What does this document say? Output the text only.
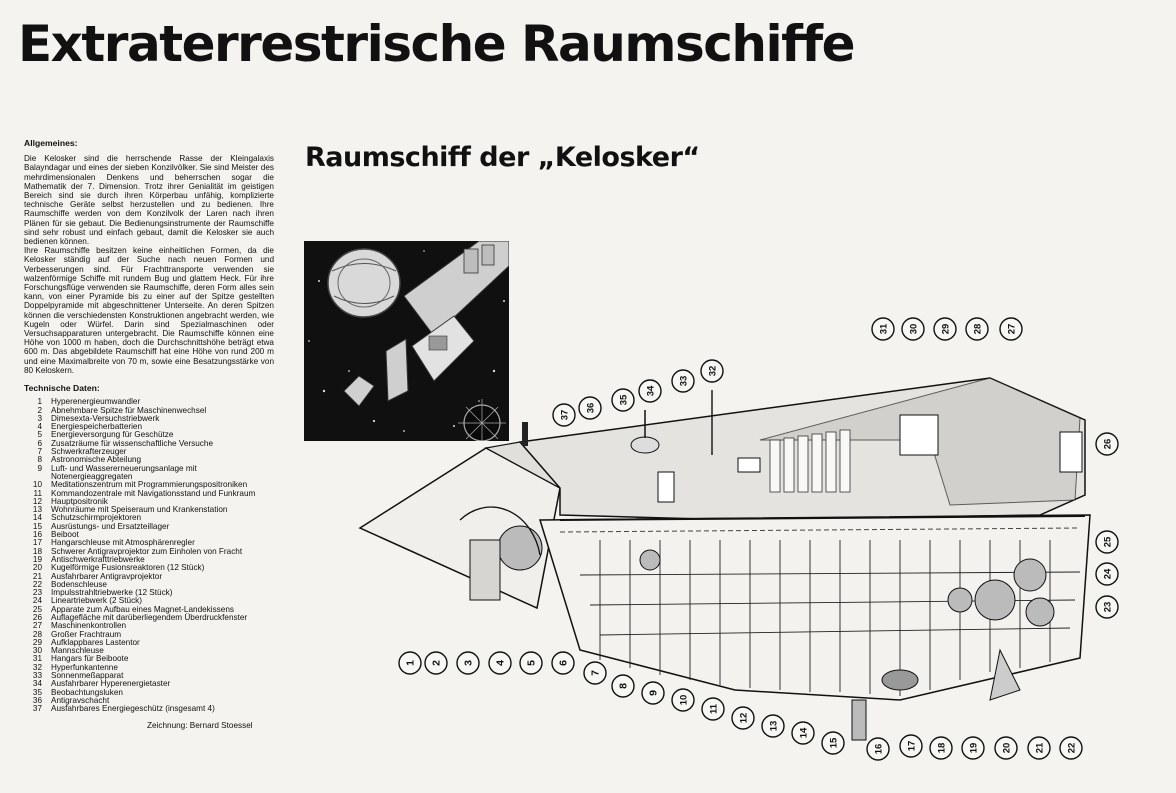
Extraterrestrische Raumschiffe
Allgemeines:

Die Kelosker sind die herrschende Rasse der Kleingalaxis Balayndagar und eines der sieben Konzilvölker. Sie sind Meister des mehrdimensionalen Denkens und beherrschen sogar die Mathematik der 7. Dimension. Trotz ihrer Genialität im geistigen Bereich sind sie durch ihren Körperbau unfähig, komplizierte technische Geräte selbst herzustellen und zu bedienen. Ihre Raumschiffe werden von dem Konzilvolk der Laren nach ihren Plänen für sie gebaut. Die Bedienungsinstrumente der Raumschiffe sind sehr robust und einfach gebaut, damit die Kelosker sie auch bedienen können.

Ihre Raumschiffe besitzen keine einheitlichen Formen, da die Kelosker ständig auf der Suche nach neuen Formen und Verbesserungen sind. Für Frachttransporte verwenden sie walzenförmige Schiffe mit rundem Bug und glattem Heck. Für ihre Forschungsflüge verwenden sie Raumschiffe, deren Form alles sein kann, von einer Pyramide bis zu einer auf der Spitze gestellten Doppelpyramide mit abgeschnittener Unterseite. An deren Spitzen können die verschiedensten Konstruktionen angebracht werden, wie Kugeln oder Würfel. Darin sind Spezialmaschinen oder Versuchsapparaturen untergebracht. Die Raumschiffe können eine Höhe von 1000 m haben, doch die Durchschnittshöhe beträgt etwa 600 m. Das abgebildete Raumschiff hat eine Höhe von rund 200 m und eine Maximalbreite von 70 m, sowie eine Besatzungsstärke von 80 Keloskern.

Technische Daten:
1	Hyperenergieumwandler
2	Abnehmbare Spitze für Maschinenwechsel
3	Dimesexta-Versuchstriebwerk
4	Energiespeicherbatterien
5	Energieversorgung für Geschütze
6	Zusatzräume für wissenschaftliche Versuche
7	Schwerkrafterzeuger
8	Astronomische Abteilung
9	Luft- und Wassererneuerungsanlage mit Notenergieaggregaten
10	Meditationszentrum mit Programmierungspositroniken
11	Kommandozentrale mit Navigationsstand und Funkraum
12	Hauptpositronik
13	Wohnräume mit Speiseraum und Krankenstation
14	Schutzschirmprojektoren
15	Ausrüstungs- und Ersatzteillager
16	Beiboot
17	Hangarschleuse mit Atmosphärenregler
18	Schwerer Antigravprojektor zum Einholen von Fracht
19	Antischwerkrafttriebwerke
20	Kugelförmige Fusionsreaktoren (12 Stück)
21	Ausfahrbarer Antigravprojektor
22	Bodenschleuse
23	Impulsstrahltriebwerke (12 Stück)
24	Lineartriebwerk (2 Stück)
25	Apparate zum Aufbau eines Magnet-Landekissens
26	Auflagefläche mit darüberliegendem Überdruckfenster
27	Maschinenkontrollen
28	Großer Frachtraum
29	Aufklappbares Lastentor
30	Mannschleuse
31	Hangars für Beiboote
32	Hyperfunkantenne
33	Sonnenmeßapparat
34	Ausfahrbarer Hyperenergietaster
35	Beobachtungsluken
36	Antigravschacht
37	Ausfahrbares Energiegeschütz (insgesamt 4)
Zeichnung: Bernard Stoessel
Raumschiff der „Kelosker“
1 2 3 4 5 6
7
8
9
10
11
12
13
14
15
16 17 18 19 20 21 22
23
24
25
26
27
28
29
30
31
32
33
34
35
36
37
